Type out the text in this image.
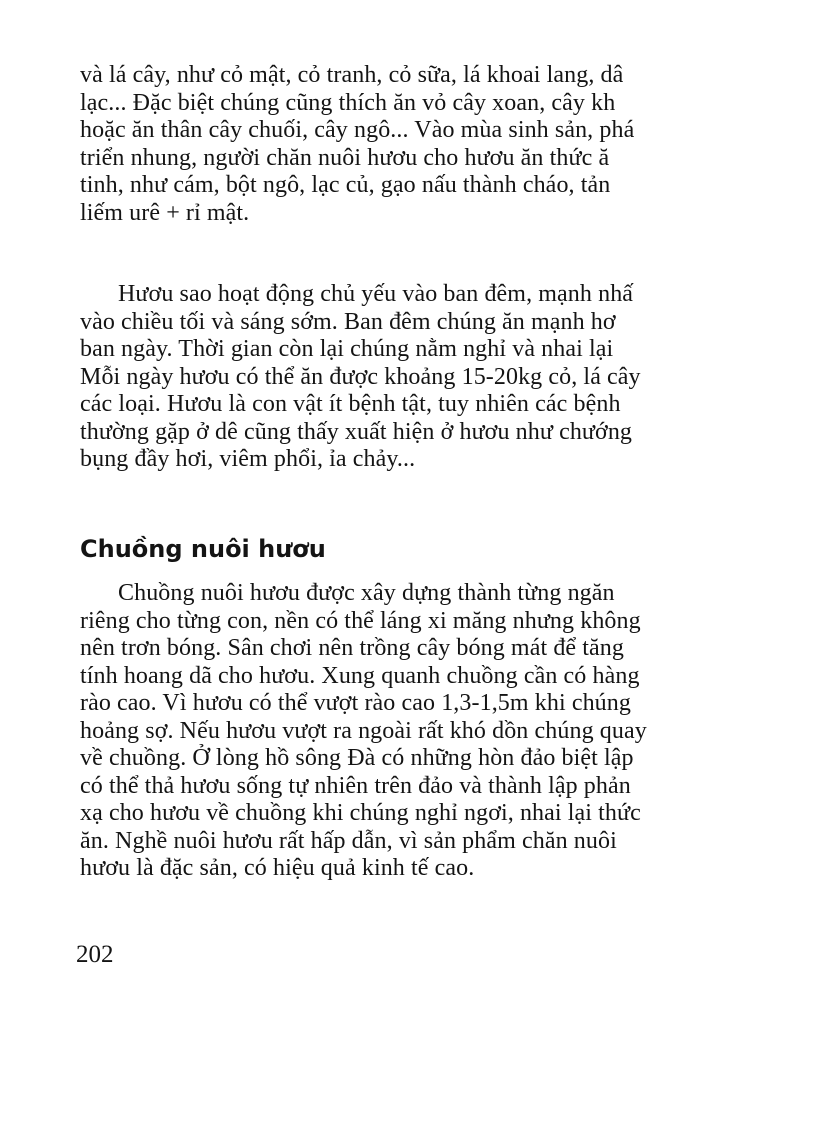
và lá cây, như cỏ mật, cỏ tranh, cỏ sữa, lá khoai lang, dâ
lạc... Đặc biệt chúng cũng thích ăn vỏ cây xoan, cây kh
hoặc ăn thân cây chuối, cây ngô... Vào mùa sinh sản, phá
triển nhung, người chăn nuôi hươu cho hươu ăn thức ă
tinh, như cám, bột ngô, lạc củ, gạo nấu thành cháo, tản
liếm urê + rỉ mật.

Hươu sao hoạt động chủ yếu vào ban đêm, mạnh nhấ
vào chiều tối và sáng sớm. Ban đêm chúng ăn mạnh hơ
ban ngày. Thời gian còn lại chúng nằm nghỉ và nhai lại
Mỗi ngày hươu có thể ăn được khoảng 15-20kg cỏ, lá cây
các loại. Hươu là con vật ít bệnh tật, tuy nhiên các bệnh
thường gặp ở dê cũng thấy xuất hiện ở hươu như chướng
bụng đầy hơi, viêm phổi, ỉa chảy...

Chuồng nuôi hươu

Chuồng nuôi hươu được xây dựng thành từng ngăn
riêng cho từng con, nền có thể láng xi măng nhưng không
nên trơn bóng. Sân chơi nên trồng cây bóng mát để tăng
tính hoang dã cho hươu. Xung quanh chuồng cần có hàng
rào cao. Vì hươu có thể vượt rào cao 1,3-1,5m khi chúng
hoảng sợ. Nếu hươu vượt ra ngoài rất khó dồn chúng quay
về chuồng. Ở lòng hồ sông Đà có những hòn đảo biệt lập
có thể thả hươu sống tự nhiên trên đảo và thành lập phản
xạ cho hươu về chuồng khi chúng nghỉ ngơi, nhai lại thức
ăn. Nghề nuôi hươu rất hấp dẫn, vì sản phẩm chăn nuôi
hươu là đặc sản, có hiệu quả kinh tế cao.

202
